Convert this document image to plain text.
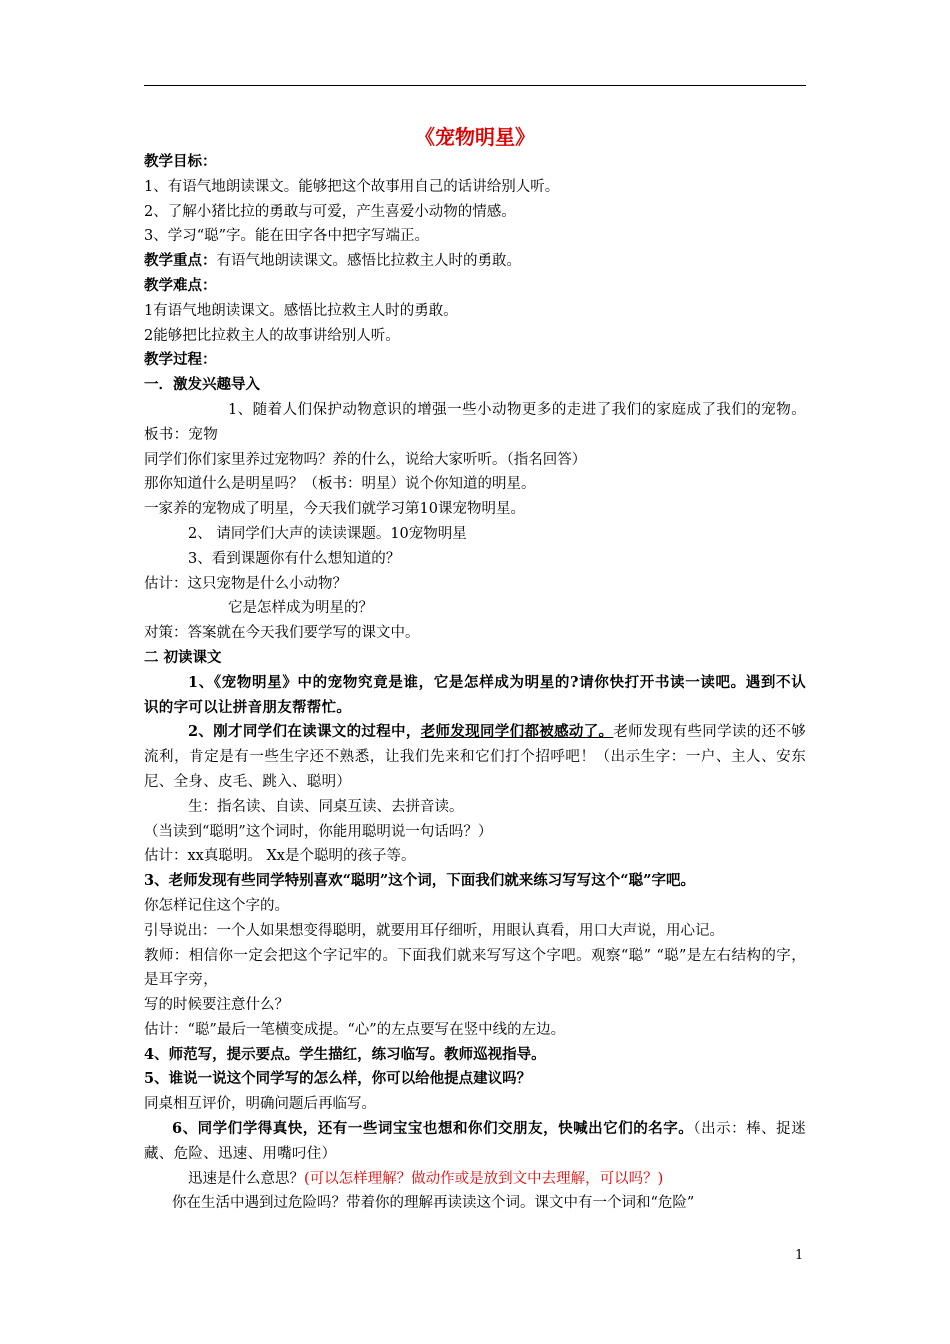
《宠物明星》

教学目标：

1、有语气地朗读课文。能够把这个故事用自己的话讲给别人听。

2、了解小猪比拉的勇敢与可爱，产生喜爱小动物的情感。

3、学习“聪”字。能在田字各中把字写端正。

教学重点：有语气地朗读课文。感悟比拉救主人时的勇敢。

教学难点：

1有语气地朗读课文。感悟比拉救主人时的勇敢。

2能够把比拉救主人的故事讲给别人听。

教学过程：

一．激发兴趣导入

1、随着人们保护动物意识的增强一些小动物更多的走进了我们的家庭成了我们的宠物。板书：宠物

同学们你们家里养过宠物吗？养的什么，说给大家听听。（指名回答）

那你知道什么是明星吗？（板书：明星）说个你知道的明星。

一家养的宠物成了明星，今天我们就学习第10课宠物明星。

2、 请同学们大声的读读课题。10宠物明星

3、看到课题你有什么想知道的？

估计：这只宠物是什么小动物？

它是怎样成为明星的？

对策：答案就在今天我们要学写的课文中。

二 初读课文

1、《宠物明星》中的宠物究竟是谁，它是怎样成为明星的?请你快打开书读一读吧。遇到不认识的字可以让拼音朋友帮帮忙。

2、刚才同学们在读课文的过程中，老师发现同学们都被感动了。老师发现有些同学读的还不够流利，肯定是有一些生字还不熟悉，让我们先来和它们打个招呼吧！（出示生字：一户、主人、安东尼、全身、皮毛、跳入、聪明）

生：指名读、自读、同桌互读、去拼音读。

（当读到“聪明”这个词时，你能用聪明说一句话吗？）

估计：xx真聪明。 Xx是个聪明的孩子等。

3、老师发现有些同学特别喜欢“聪明”这个词，下面我们就来练习写写这个“聪”字吧。

你怎样记住这个字的。

引导说出：一个人如果想变得聪明，就要用耳仔细听，用眼认真看，用口大声说，用心记。

教师：相信你一定会把这个字记牢的。下面我们就来写写这个字吧。观察“聪” “聪”是左右结构的字，是耳字旁，

写的时候要注意什么？

估计：“聪”最后一笔横变成提。“心”的左点要写在竖中线的左边。

4、师范写，提示要点。学生描红，练习临写。教师巡视指导。

5、谁说一说这个同学写的怎么样，你可以给他提点建议吗？

同桌相互评价，明确问题后再临写。

6、同学们学得真快，还有一些词宝宝也想和你们交朋友，快喊出它们的名字。（出示：棒、捉迷藏、危险、迅速、用嘴叼住）

迅速是什么意思？(可以怎样理解？做动作或是放到文中去理解，可以吗？)

你在生活中遇到过危险吗？带着你的理解再读读这个词。课文中有一个词和“危险”

1
